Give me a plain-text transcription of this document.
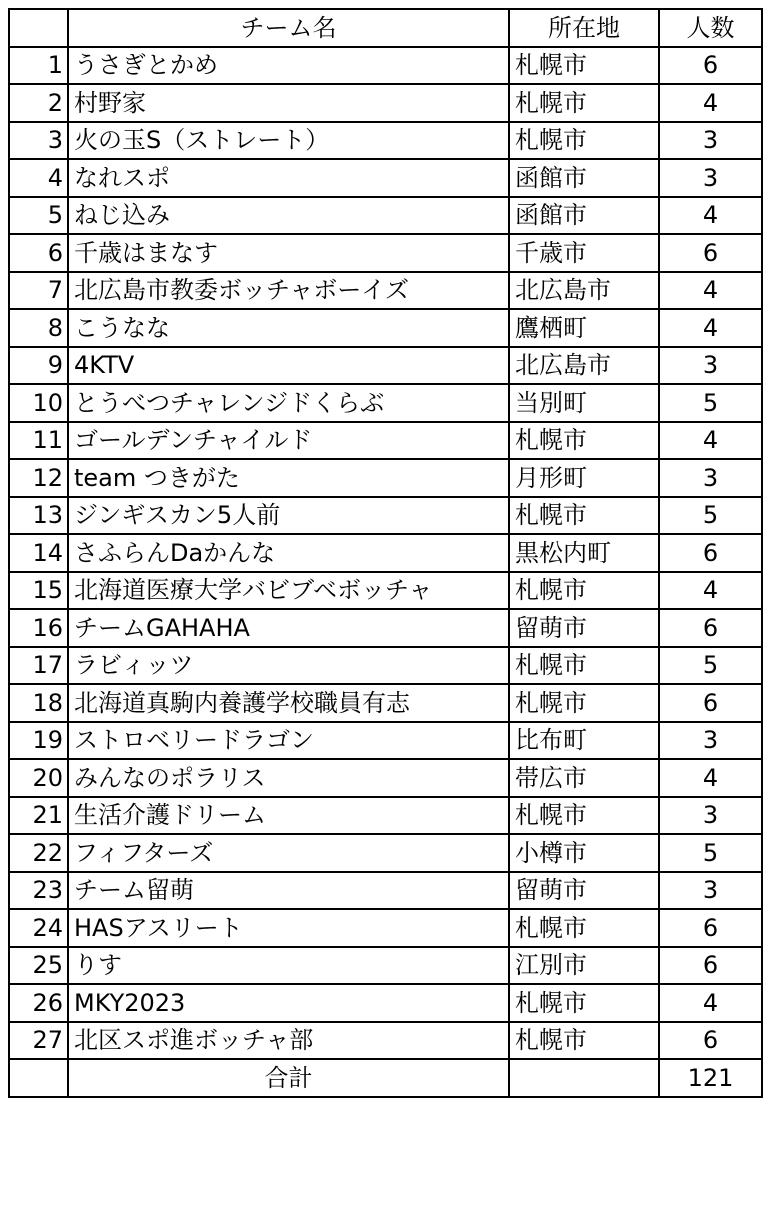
	チーム名	所在地	人数
1	うさぎとかめ	札幌市	6
2	村野家	札幌市	4
3	火の玉S（ストレート）	札幌市	3
4	なれスポ	函館市	3
5	ねじ込み	函館市	4
6	千歳はまなす	千歳市	6
7	北広島市教委ボッチャボーイズ	北広島市	4
8	こうなな	鷹栖町	4
9	4KTV	北広島市	3
10	とうべつチャレンジドくらぶ	当別町	5
11	ゴールデンチャイルド	札幌市	4
12	team つきがた	月形町	3
13	ジンギスカン5人前	札幌市	5
14	さふらんDaかんな	黒松内町	6
15	北海道医療大学バビブベボッチャ	札幌市	4
16	チームGAHAHA	留萌市	6
17	ラビィッツ	札幌市	5
18	北海道真駒内養護学校職員有志	札幌市	6
19	ストロベリードラゴン	比布町	3
20	みんなのポラリス	帯広市	4
21	生活介護ドリーム	札幌市	3
22	フィフターズ	小樽市	5
23	チーム留萌	留萌市	3
24	HASアスリート	札幌市	6
25	りす	江別市	6
26	MKY2023	札幌市	4
27	北区スポ進ボッチャ部	札幌市	6
	合計		121
